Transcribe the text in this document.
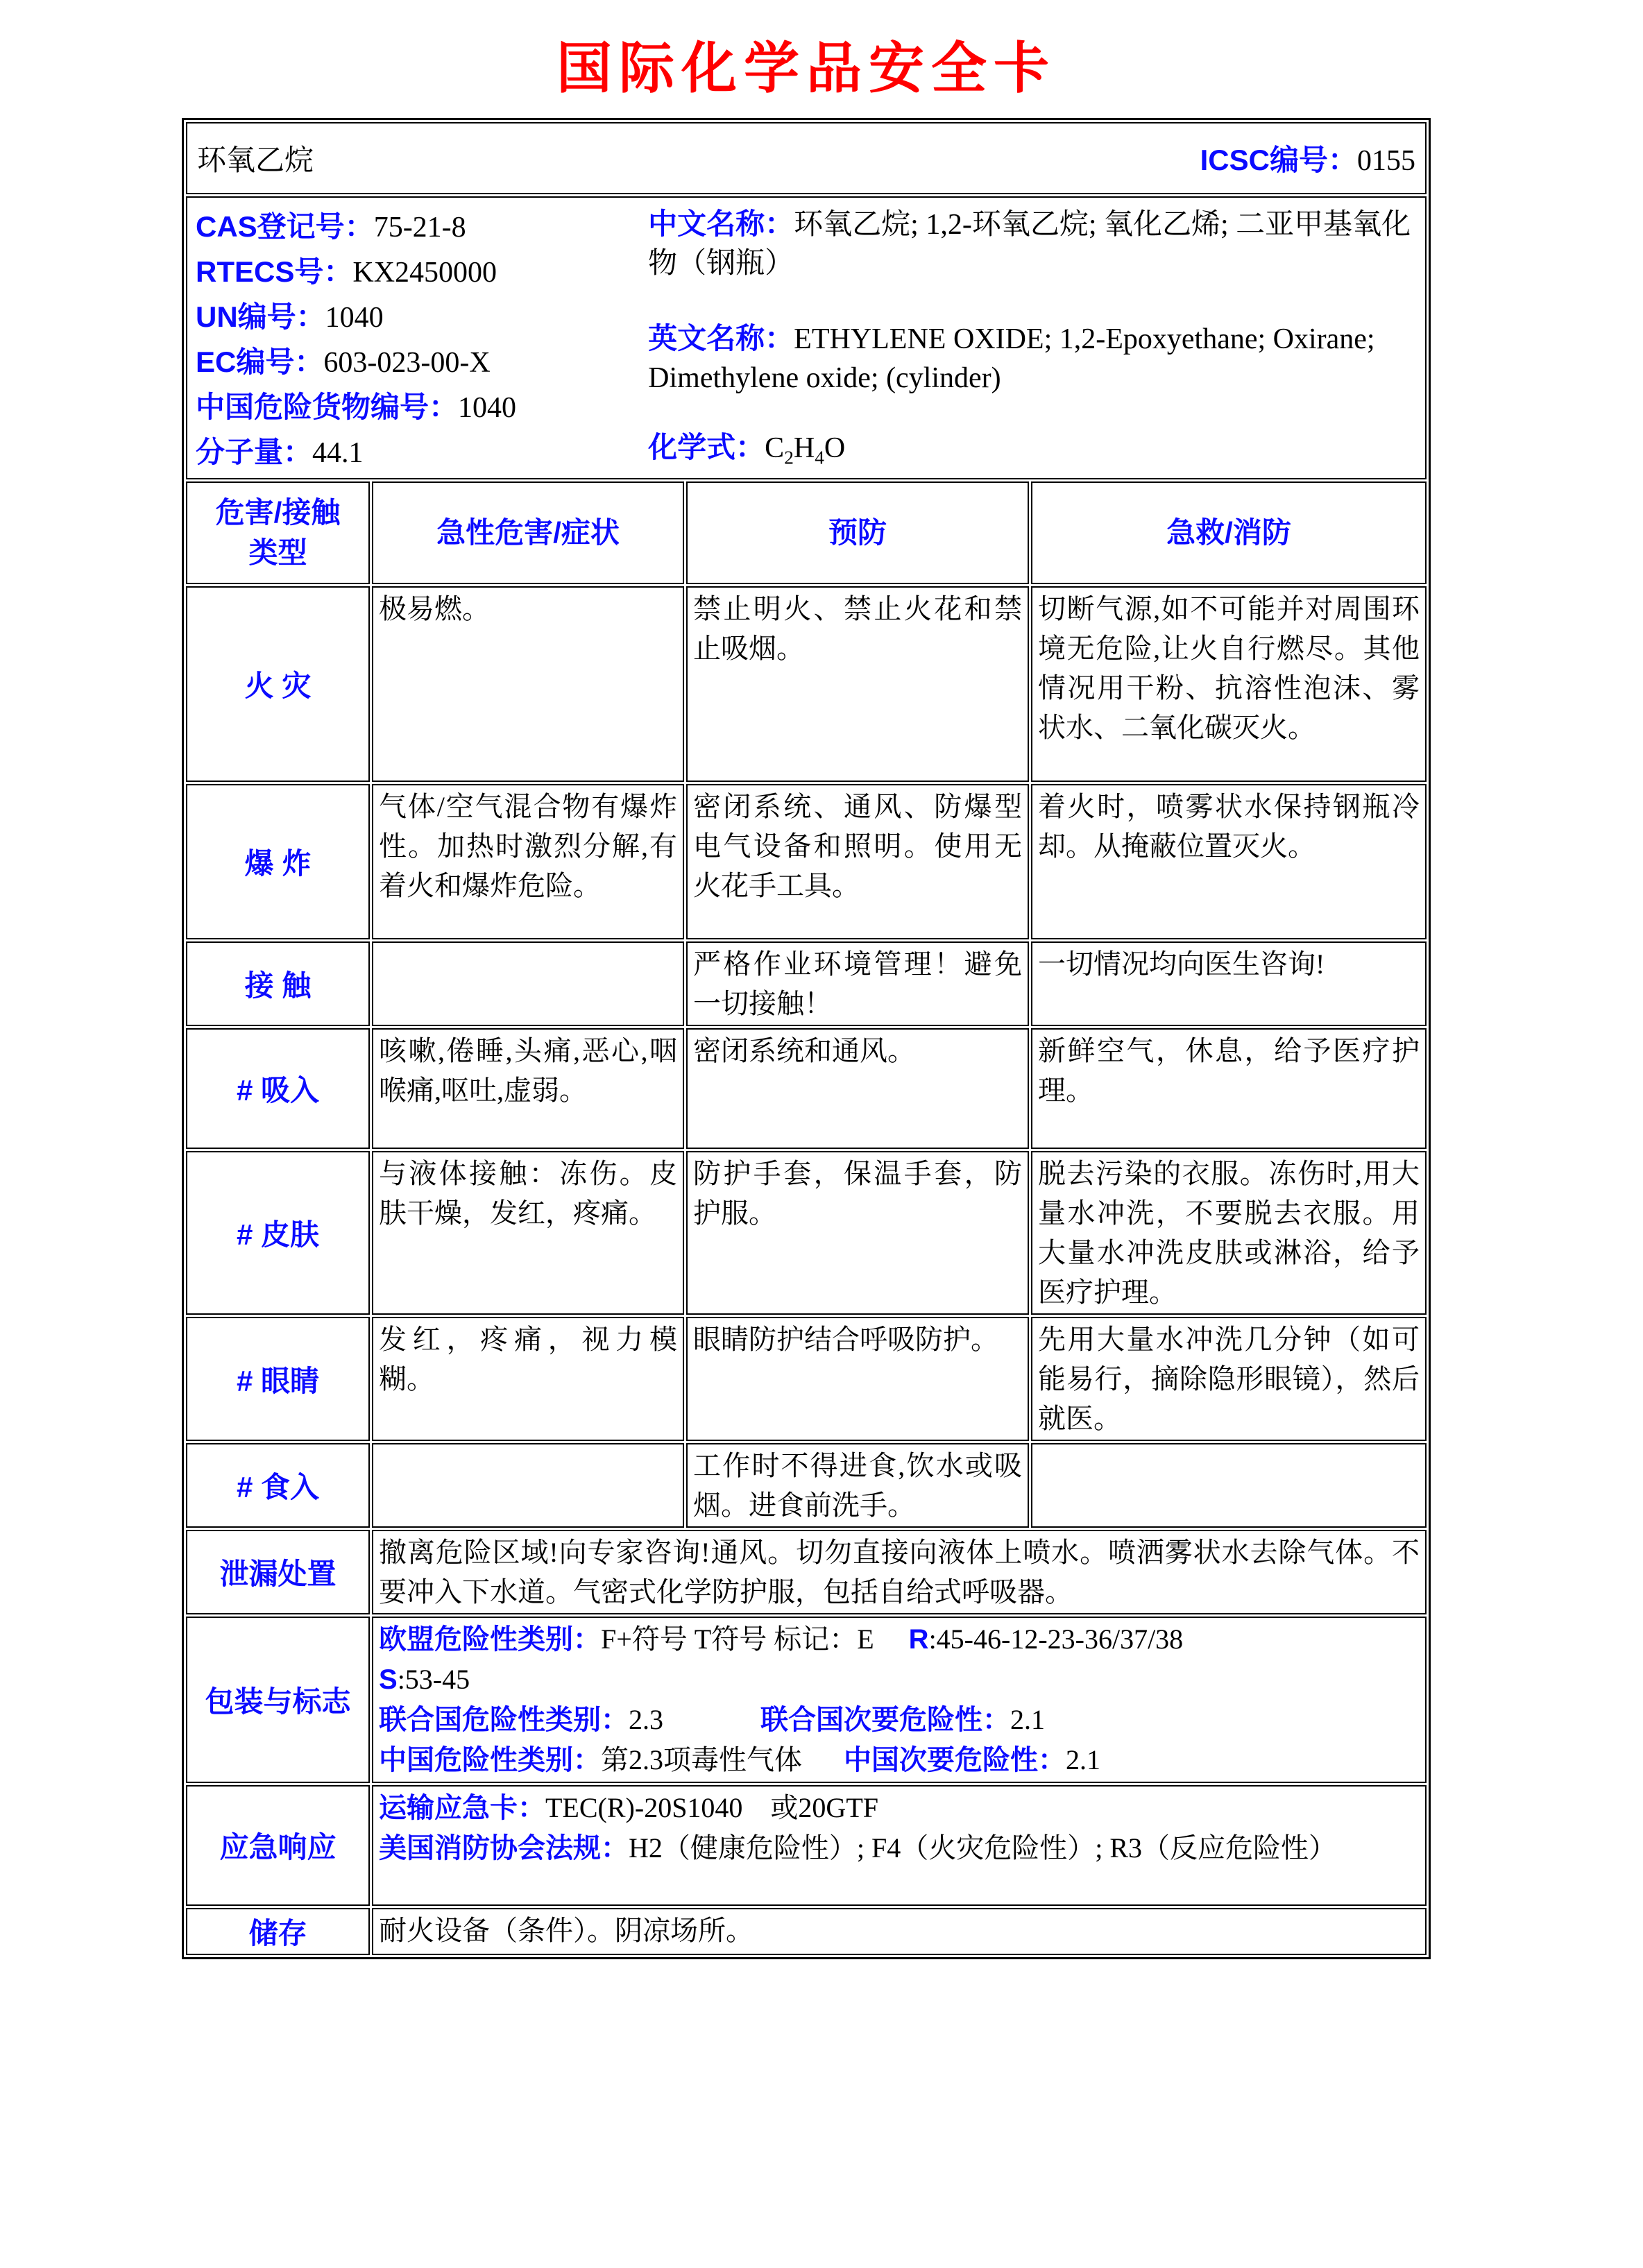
国际化学品安全卡
环氧乙烷 ICSC编号：0155			

CAS登记号：75-21-8
RTECS号：KX2450000
UN编号：1040
EC编号：603-023-00-X
中国危险货物编号：1040
分子量：44.1
中文名称：环氧乙烷; 1,2-环氧乙烷; 氧化乙烯; 二亚甲基氧化物（钢瓶）
英文名称：ETHYLENE OXIDE; 1,2-Epoxyethane; Oxirane; Dimethylene oxide; (cylinder)
化学式：$C_2H_4O$

危害/接触
类型	急性危害/症状	预防	急救/消防
火 灾	极易燃。	禁止明火、禁止火花和禁止吸烟。	切断气源,如不可能并对周围环境无危险,让火自行燃尽。其他情况用干粉、抗溶性泡沫、雾状水、二氧化碳灭火。
爆 炸	气体/空气混合物有爆炸性。加热时激烈分解,有着火和爆炸危险。	密闭系统、通风、防爆型电气设备和照明。使用无火花手工具。	着火时，喷雾状水保持钢瓶冷却。从掩蔽位置灭火。
接 触		严格作业环境管理！避免一切接触！	一切情况均向医生咨询!
# 吸入	咳嗽,倦睡,头痛,恶心,咽喉痛,呕吐,虚弱。	密闭系统和通风。	新鲜空气，休息，给予医疗护理。
# 皮肤	与液体接触：冻伤。皮肤干燥，发红，疼痛。	防护手套，保温手套，防护服。	脱去污染的衣服。冻伤时,用大量水冲洗，不要脱去衣服。用大量水冲洗皮肤或淋浴，给予医疗护理。
# 眼睛	发红，疼痛，视力模糊。	眼睛防护结合呼吸防护。	先用大量水冲洗几分钟（如可能易行，摘除隐形眼镜），然后就医。
# 食入		工作时不得进食,饮水或吸烟。进食前洗手。	
泄漏处置	撤离危险区域!向专家咨询!通风。切勿直接向液体上喷水。喷洒雾状水去除气体。不要冲入下水道。气密式化学防护服，包括自给式呼吸器。		
包装与标志	欧盟危险性类别：F+符号 T符号 标记：E R:45-46-12-23-36/37/38
S:53-45
联合国危险性类别：2.3 联合国次要危险性：2.1
中国危险性类别：第2.3项毒性气体 中国次要危险性：2.1		

应急响应	运输应急卡：TEC(R)-20S1040　或20GTF
美国消防协会法规：H2（健康危险性）; F4（火灾危险性）; R3（反应危险性）		

储存	耐火设备（条件）。阴凉场所。		
